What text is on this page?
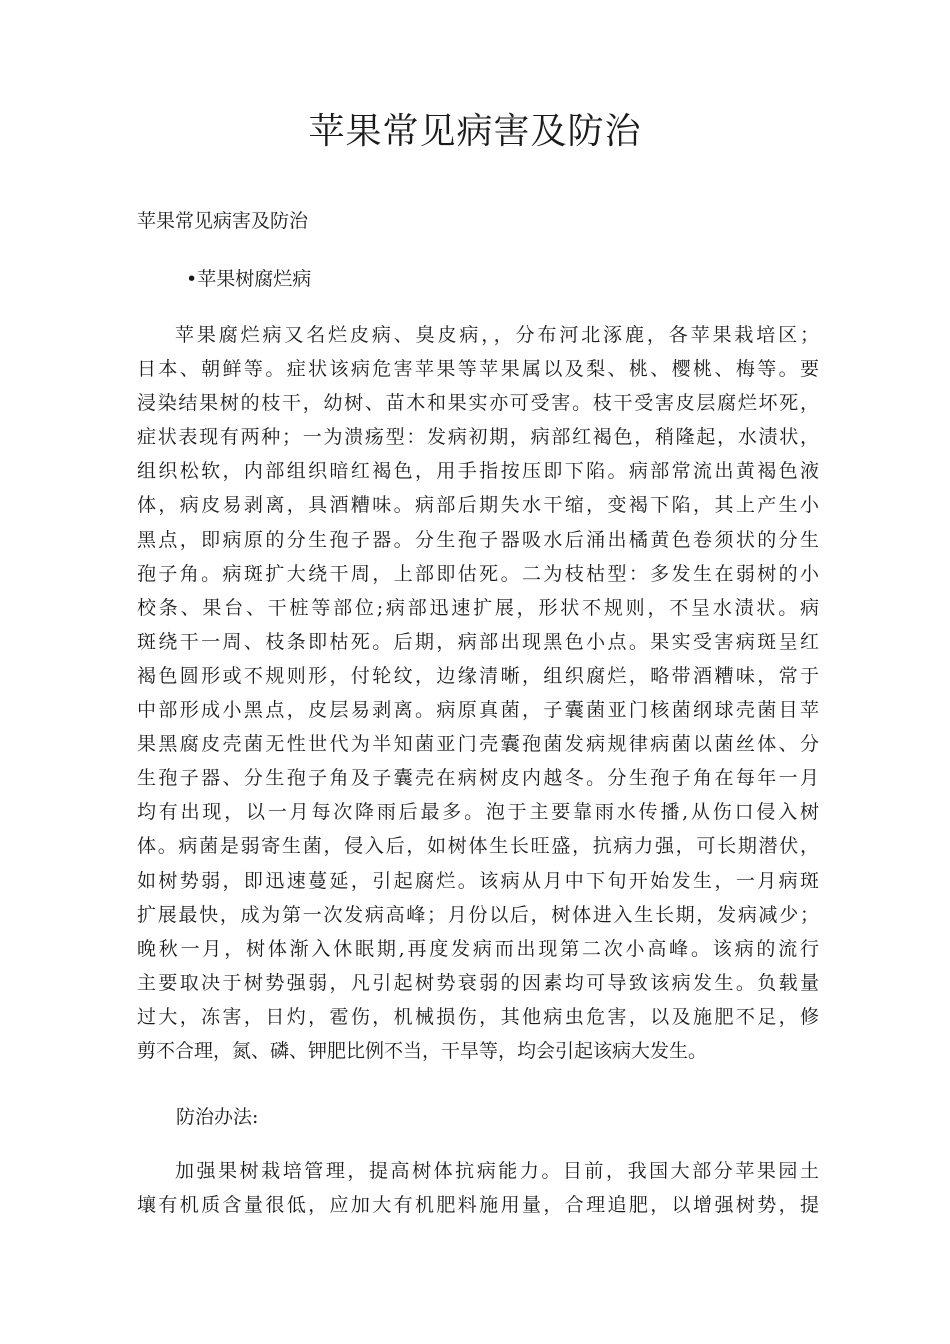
苹果常见病害及防治
苹果常见病害及防治
•苹果树腐烂病
苹果腐烂病又名烂皮病、臭皮病，，分布河北涿鹿，各苹果栽培区；
日本、朝鲜等。症状该病危害苹果等苹果属以及梨、桃、樱桃、梅等。要
浸染结果树的枝干，幼树、苗木和果实亦可受害。枝干受害皮层腐烂坏死，
症状表现有两种；一为溃疡型：发病初期，病部红褐色，稍隆起，水渍状，
组织松软，内部组织暗红褐色，用手指按压即下陷。病部常流出黄褐色液
体，病皮易剥离，具酒糟味。病部后期失水干缩，变褐下陷，其上产生小
黑点，即病原的分生孢子器。分生孢子器吸水后涌出橘黄色卷须状的分生
孢子角。病斑扩大绕干周，上部即估死。二为枝枯型：多发生在弱树的小
校条、果台、干桩等部位;病部迅速扩展，形状不规则，不呈水渍状。病
斑绕干一周、枝条即枯死。后期，病部出现黑色小点。果实受害病斑呈红
褐色圆形或不规则形，付轮纹，边缘清晰，组织腐烂，略带酒糟味，常于
中部形成小黑点，皮层易剥离。病原真菌，子囊菌亚门核菌纲球壳菌目苹
果黑腐皮壳菌无性世代为半知菌亚门壳囊孢菌发病规律病菌以菌丝体、分
生孢子器、分生孢子角及子囊壳在病树皮内越冬。分生孢子角在每年一月
均有出现，以一月每次降雨后最多。泡于主要靠雨水传播,从伤口侵入树
体。病菌是弱寄生菌，侵入后，如树体生长旺盛，抗病力强，可长期潜伏，
如树势弱，即迅速蔓延，引起腐烂。该病从月中下旬开始发生，一月病斑
扩展最快，成为第一次发病高峰；月份以后，树体进入生长期，发病减少；
晚秋一月，树体渐入休眠期,再度发病而出现第二次小高峰。该病的流行
主要取决于树势强弱，凡引起树势衰弱的因素均可导致该病发生。负载量
过大，冻害，日灼，雹伤，机械损伤，其他病虫危害，以及施肥不足，修
剪不合理，氮、磷、钾肥比例不当，干旱等，均会引起该病大发生。
防治办法:
加强果树栽培管理，提高树体抗病能力。目前，我国大部分苹果园土
壤有机质含量很低，应加大有机肥料施用量，合理追肥，以增强树势，提
